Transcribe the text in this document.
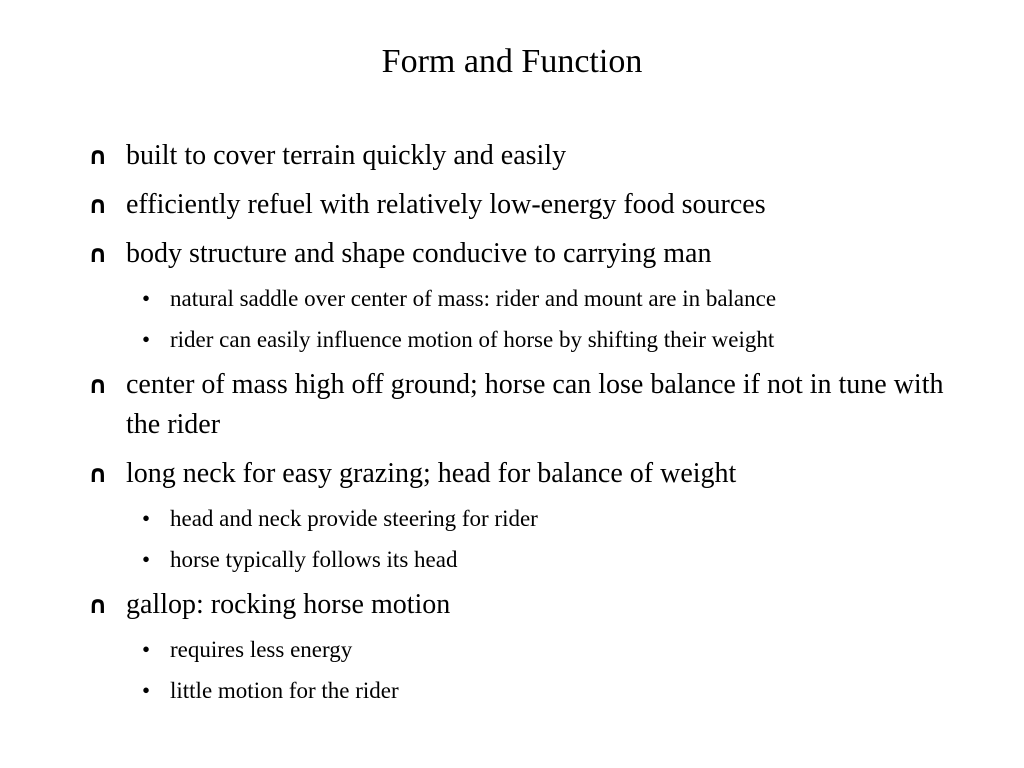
Form and Function
∩ built to cover terrain quickly and easily
∩ efficiently refuel with relatively low-energy food sources
∩ body structure and shape conducive to carrying man
• natural saddle over center of mass: rider and mount are in balance
• rider can easily influence motion of horse by shifting their weight
∩ center of mass high off ground; horse can lose balance if not in tune with the rider
∩ long neck for easy grazing; head for balance of weight
• head and neck provide steering for rider
• horse typically follows its head
∩ gallop: rocking horse motion
• requires less energy
• little motion for the rider
